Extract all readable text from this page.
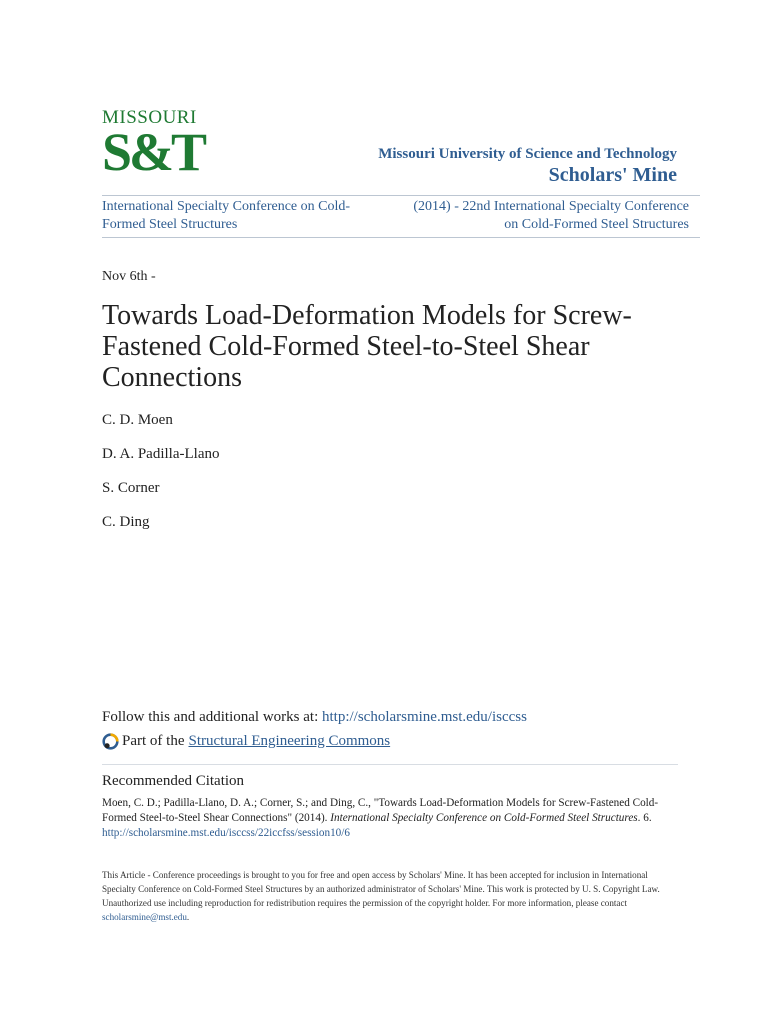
MISSOURI
S&T	Missouri University of Science and Technology
Scholars' Mine
International Specialty Conference on Cold-Formed Steel Structures
(2014) - 22nd International Specialty Conference on Cold-Formed Steel Structures
Nov 6th -
Towards Load-Deformation Models for Screw-Fastened Cold-Formed Steel-to-Steel Shear Connections
C. D. Moen
D. A. Padilla-Llano
S. Corner
C. Ding
Follow this and additional works at: http://scholarsmine.mst.edu/isccss
Part of the Structural Engineering Commons
Recommended Citation
Moen, C. D.; Padilla-Llano, D. A.; Corner, S.; and Ding, C., "Towards Load-Deformation Models for Screw-Fastened Cold-Formed Steel-to-Steel Shear Connections" (2014). International Specialty Conference on Cold-Formed Steel Structures. 6.
http://scholarsmine.mst.edu/isccss/22iccfss/session10/6
This Article - Conference proceedings is brought to you for free and open access by Scholars' Mine. It has been accepted for inclusion in International Specialty Conference on Cold-Formed Steel Structures by an authorized administrator of Scholars' Mine. This work is protected by U. S. Copyright Law. Unauthorized use including reproduction for redistribution requires the permission of the copyright holder. For more information, please contact scholarsmine@mst.edu.
